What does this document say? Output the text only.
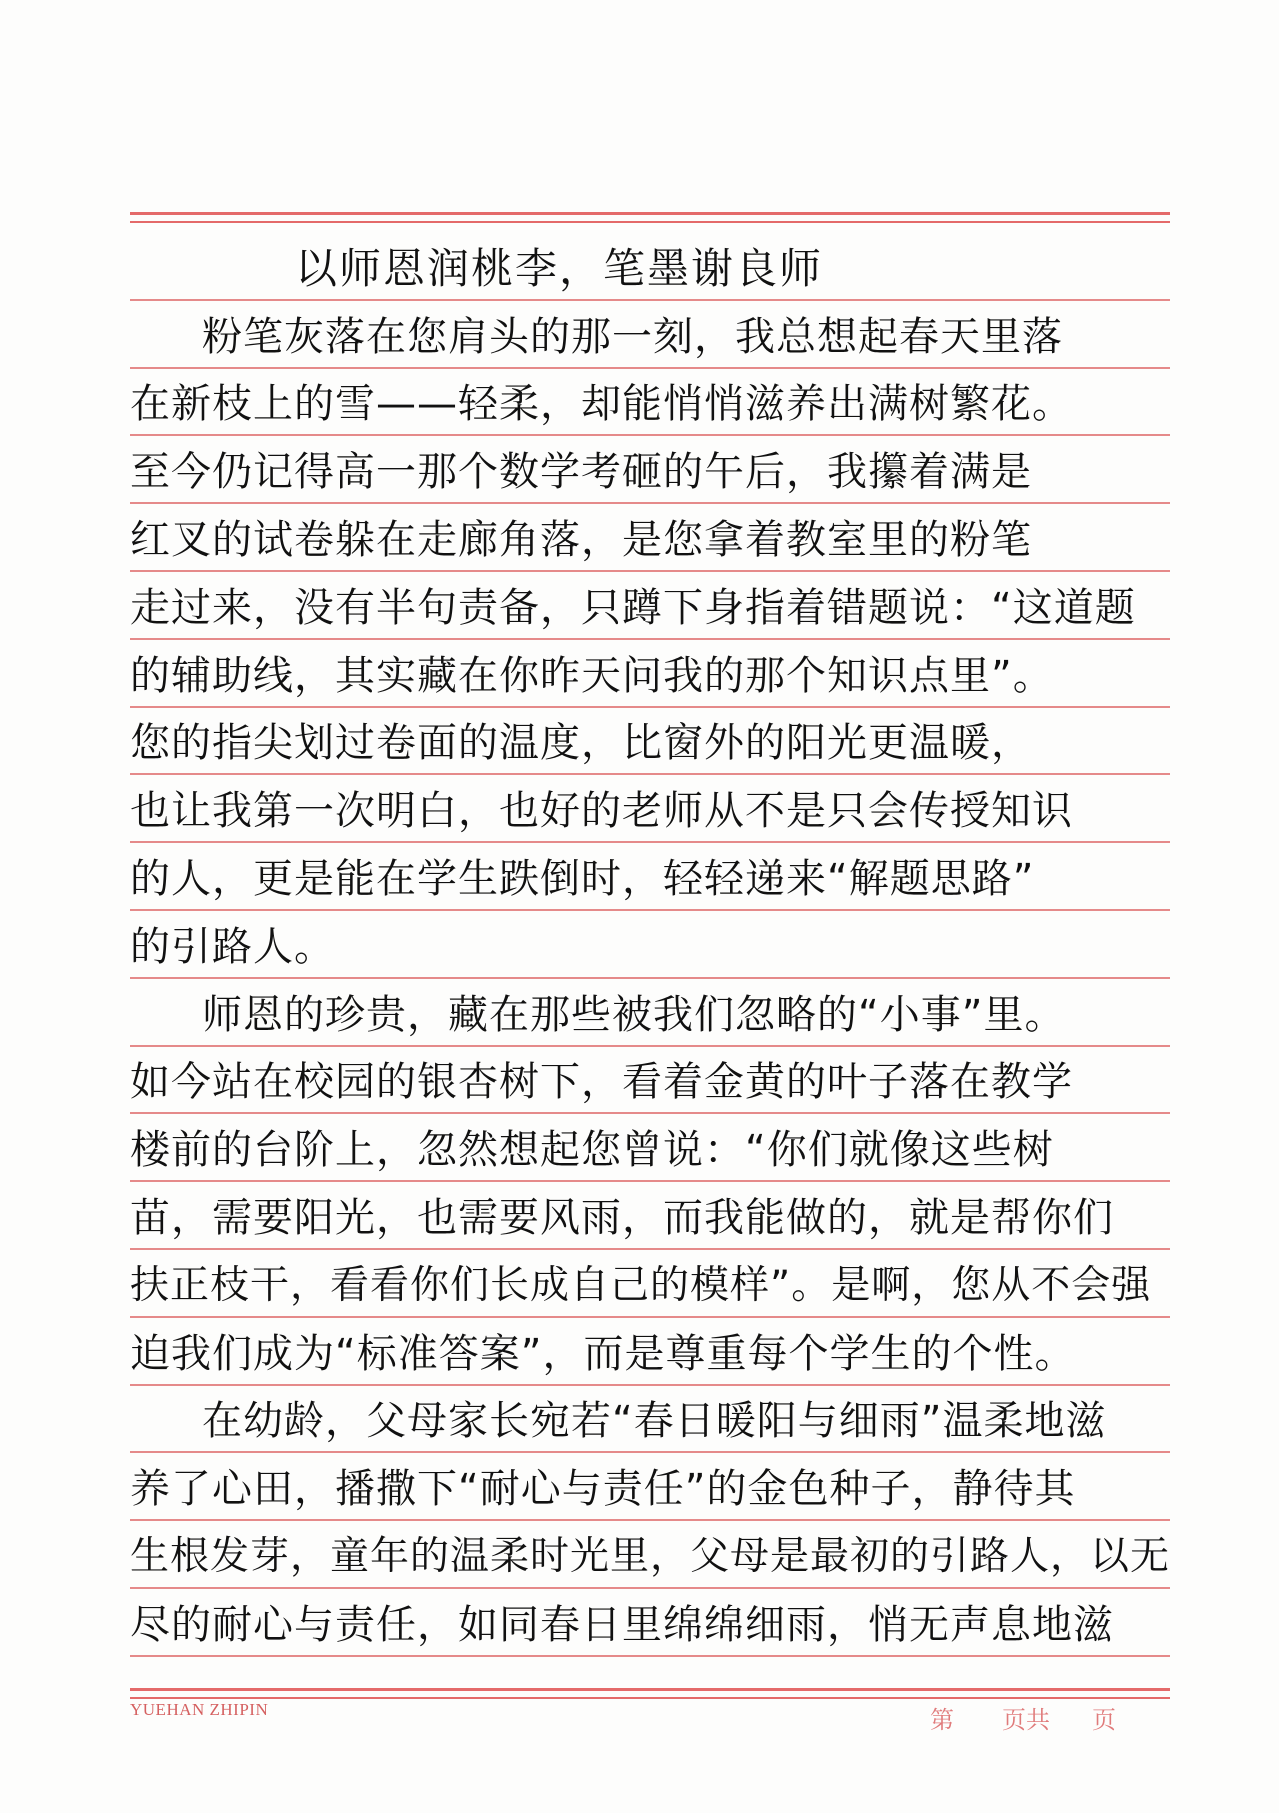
以师恩润桃李，笔墨谢良师
粉笔灰落在您肩头的那一刻，我总想起春天里落
在新枝上的雪——轻柔，却能悄悄滋养出满树繁花。
至今仍记得高一那个数学考砸的午后，我攥着满是
红叉的试卷躲在走廊角落，是您拿着教室里的粉笔
走过来，没有半句责备，只蹲下身指着错题说：“这道题
的辅助线，其实藏在你昨天问我的那个知识点里”。
您的指尖划过卷面的温度，比窗外的阳光更温暖，
也让我第一次明白，也好的老师从不是只会传授知识
的人，更是能在学生跌倒时，轻轻递来“解题思路”
的引路人。
师恩的珍贵，藏在那些被我们忽略的“小事”里。
如今站在校园的银杏树下，看着金黄的叶子落在教学
楼前的台阶上，忽然想起您曾说：“你们就像这些树
苗，需要阳光，也需要风雨，而我能做的，就是帮你们
扶正枝干，看看你们长成自己的模样”。是啊，您从不会强
迫我们成为“标准答案”，而是尊重每个学生的个性。
在幼龄，父母家长宛若“春日暖阳与细雨”温柔地滋
养了心田，播撒下“耐心与责任”的金色种子，静待其
生根发芽，童年的温柔时光里，父母是最初的引路人，以无
尽的耐心与责任，如同春日里绵绵细雨，悄无声息地滋
YUEHAN ZHIPIN	第 页共 页
